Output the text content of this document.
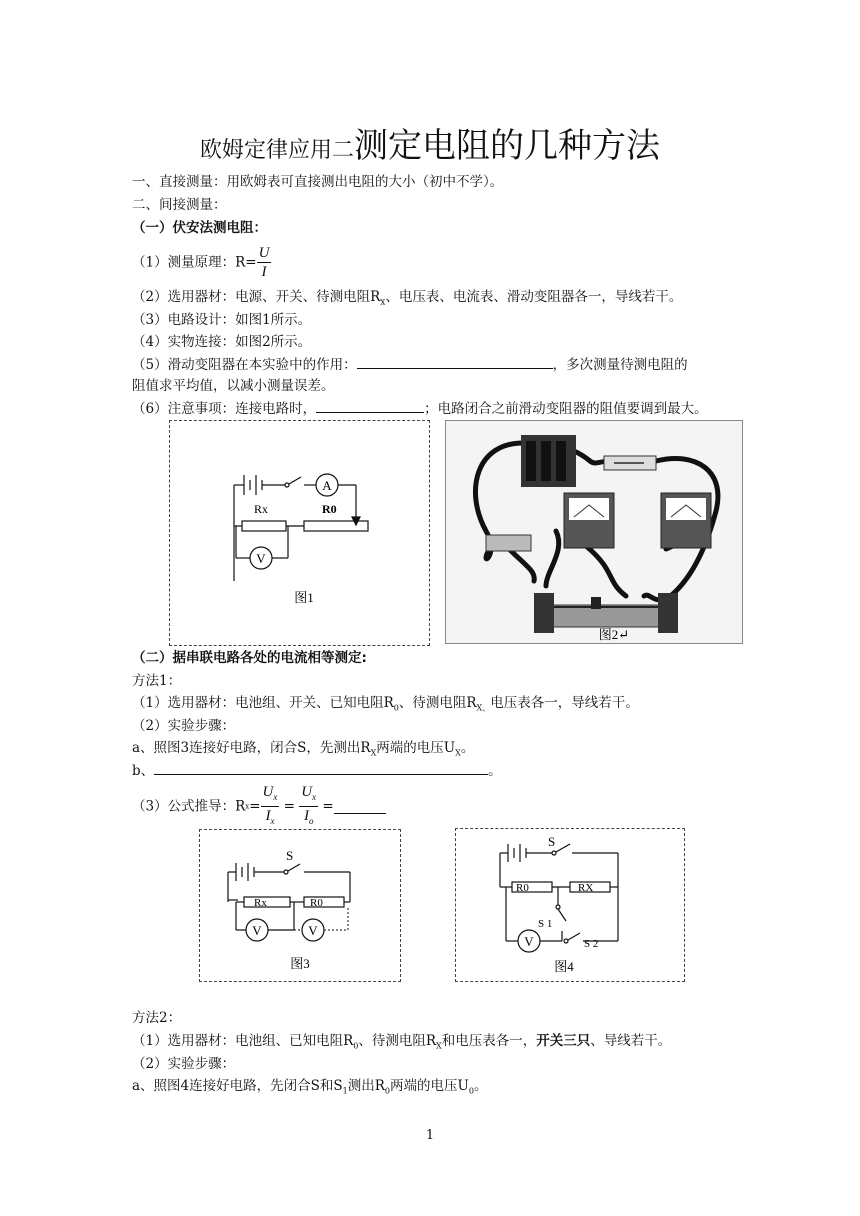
欧姆定律应用二测定电阻的几种方法
一、直接测量：用欧姆表可直接测出电阻的大小（初中不学）。
二、间接测量：
（一）伏安法测电阻：
（1）测量原理：$R= \frac{U}{I}$
（2）选用器材：电源、开关、待测电阻$R_x$、电压表、电流表、滑动变阻器各一，导线若干。
（3）电路设计：如图1所示。
（4）实物连接：如图2所示。
（5）滑动变阻器在本实验中的作用：	，多次测量待测电阻的
阻值求平均值，以减小测量误差。
（6）注意事项：连接电路时，	；电路闭合之前滑动变阻器的阻值要调到最大。
A
V
Rx	R0
图1
图2↵
（二）据串联电路各处的电流相等测定:
方法1：
（1）选用器材：电池组、开关、已知电阻$R_0$、待测电阻$R_{X、}$电压表各一，导线若干。
（2）实验步骤：
a、照图3连接好电路，闭合S，先测出$R_X$两端的电压$U_X$。
b、	。
（3）公式推导：$Rx= \frac{U_x}{I_x} = \frac{U_x}{I_o}$ =
V	V
S
Rx	R0
图3
V
S
S 1
S 2
R0	RX
图4
方法2：
（1）选用器材：电池组、已知电阻$R_0$、待测电阻$R_X$和电压表各一，开关三只、导线若干。
（2）实验步骤：
a、照图4连接好电路，先闭合S和$S_1$测出$R_0$两端的电压$U_0$。
1
